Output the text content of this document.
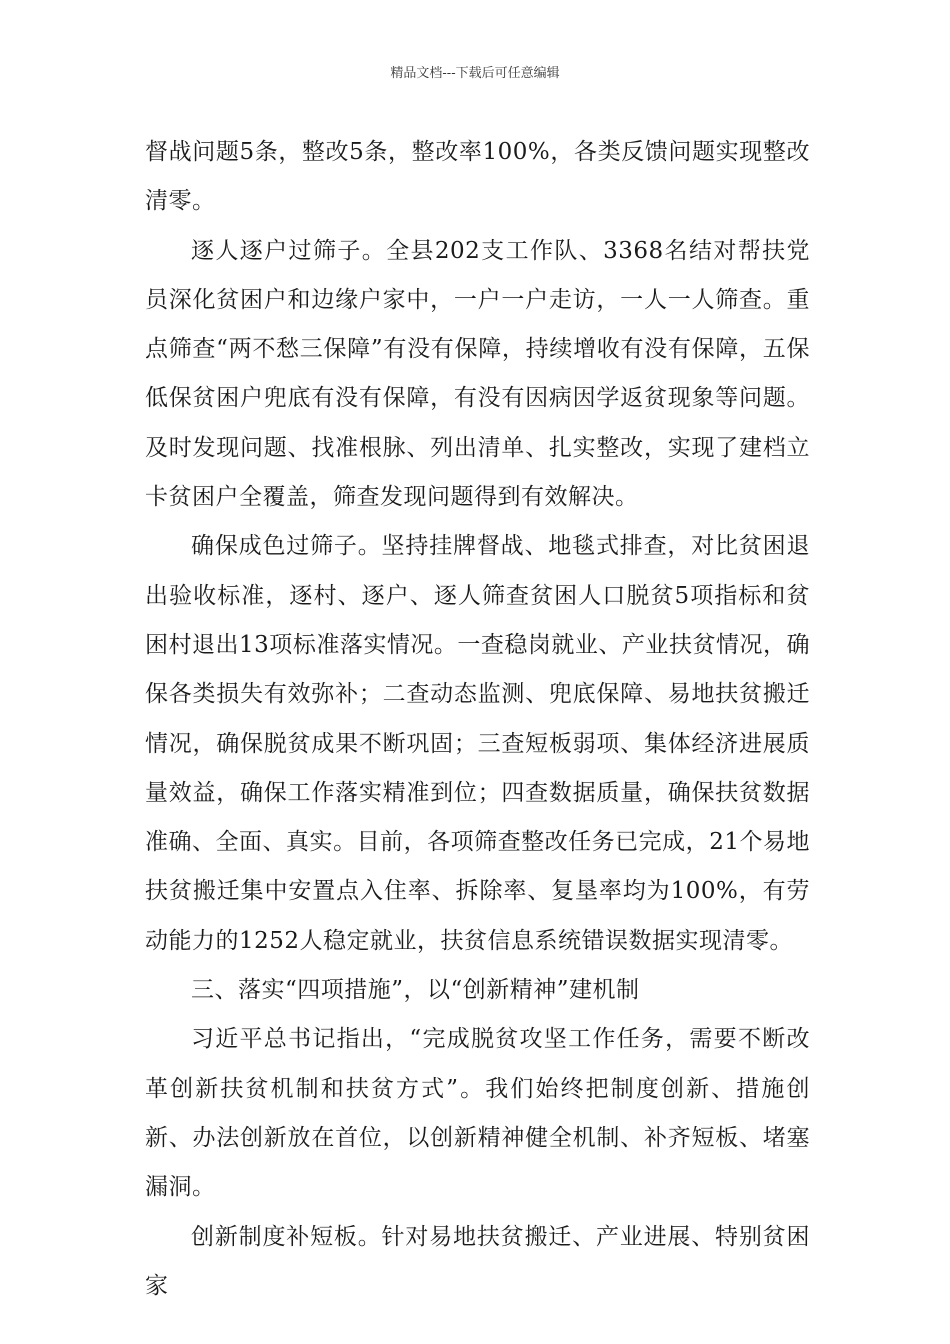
精品文档---下载后可任意编辑

督战问题5条，整改5条，整改率100%，各类反馈问题实现整改清零。

逐人逐户过筛子。全县202支工作队、3368名结对帮扶党员深化贫困户和边缘户家中，一户一户走访，一人一人筛查。重点筛查“两不愁三保障”有没有保障，持续增收有没有保障，五保低保贫困户兜底有没有保障，有没有因病因学返贫现象等问题。及时发现问题、找准根脉、列出清单、扎实整改，实现了建档立卡贫困户全覆盖，筛查发现问题得到有效解决。

确保成色过筛子。坚持挂牌督战、地毯式排查，对比贫困退出验收标准，逐村、逐户、逐人筛查贫困人口脱贫5项指标和贫困村退出13项标准落实情况。一查稳岗就业、产业扶贫情况，确保各类损失有效弥补；二查动态监测、兜底保障、易地扶贫搬迁情况，确保脱贫成果不断巩固；三查短板弱项、集体经济进展质量效益，确保工作落实精准到位；四查数据质量，确保扶贫数据准确、全面、真实。目前，各项筛查整改任务已完成，21个易地扶贫搬迁集中安置点入住率、拆除率、复垦率均为100%，有劳动能力的1252人稳定就业，扶贫信息系统错误数据实现清零。

三、落实“四项措施”，以“创新精神”建机制

习近平总书记指出，“完成脱贫攻坚工作任务，需要不断改革创新扶贫机制和扶贫方式”。我们始终把制度创新、措施创新、办法创新放在首位，以创新精神健全机制、补齐短板、堵塞漏洞。

创新制度补短板。针对易地扶贫搬迁、产业进展、特别贫困家
